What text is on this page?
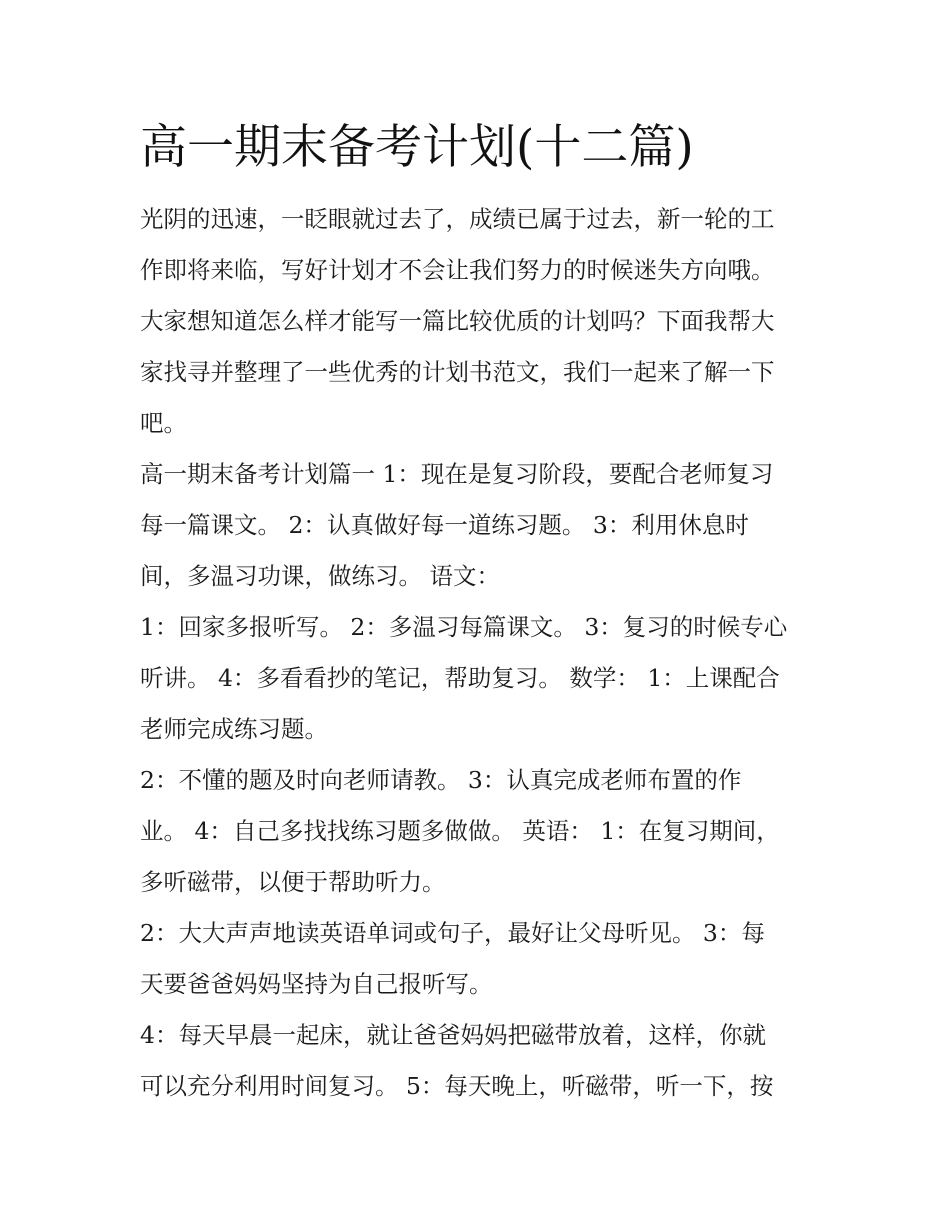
高一期末备考计划(十二篇)
光阴的迅速，一眨眼就过去了，成绩已属于过去，新一轮的工
作即将来临，写好计划才不会让我们努力的时候迷失方向哦。
大家想知道怎么样才能写一篇比较优质的计划吗？下面我帮大
家找寻并整理了一些优秀的计划书范文，我们一起来了解一下
吧。
高一期末备考计划篇一 1：现在是复习阶段，要配合老师复习
每一篇课文。 2：认真做好每一道练习题。 3：利用休息时
间，多温习功课，做练习。 语文：
1：回家多报听写。 2：多温习每篇课文。 3：复习的时候专心
听讲。 4：多看看抄的笔记，帮助复习。 数学： 1：上课配合
老师完成练习题。
2：不懂的题及时向老师请教。 3：认真完成老师布置的作
业。 4：自己多找找练习题多做做。 英语： 1：在复习期间，
多听磁带，以便于帮助听力。
2：大大声声地读英语单词或句子，最好让父母听见。 3：每
天要爸爸妈妈坚持为自己报听写。
4：每天早晨一起床，就让爸爸妈妈把磁带放着，这样，你就
可以充分利用时间复习。 5：每天晚上，听磁带，听一下，按
